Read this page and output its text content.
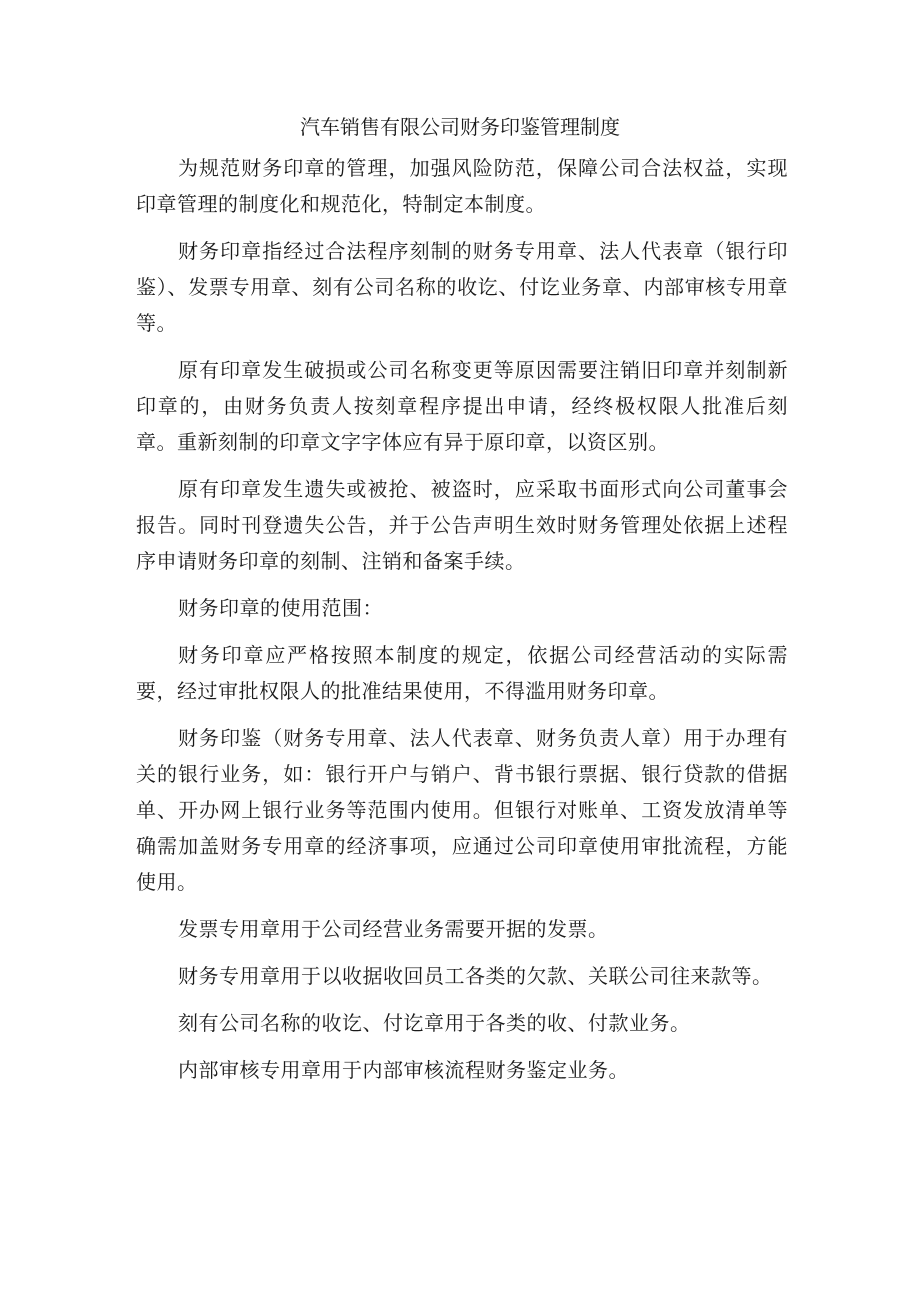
汽车销售有限公司财务印鉴管理制度

为规范财务印章的管理，加强风险防范，保障公司合法权益，实现印章管理的制度化和规范化，特制定本制度。

财务印章指经过合法程序刻制的财务专用章、法人代表章（银行印鉴）、发票专用章、刻有公司名称的收讫、付讫业务章、内部审核专用章等。

原有印章发生破损或公司名称变更等原因需要注销旧印章并刻制新印章的，由财务负责人按刻章程序提出申请，经终极权限人批准后刻章。重新刻制的印章文字字体应有异于原印章，以资区别。

原有印章发生遗失或被抢、被盗时，应采取书面形式向公司董事会报告。同时刊登遗失公告，并于公告声明生效时财务管理处依据上述程序申请财务印章的刻制、注销和备案手续。

财务印章的使用范围：

财务印章应严格按照本制度的规定，依据公司经营活动的实际需要，经过审批权限人的批准结果使用，不得滥用财务印章。

财务印鉴（财务专用章、法人代表章、财务负责人章）用于办理有关的银行业务，如：银行开户与销户、背书银行票据、银行贷款的借据单、开办网上银行业务等范围内使用。但银行对账单、工资发放清单等确需加盖财务专用章的经济事项，应通过公司印章使用审批流程，方能使用。

发票专用章用于公司经营业务需要开据的发票。

财务专用章用于以收据收回员工各类的欠款、关联公司往来款等。

刻有公司名称的收讫、付讫章用于各类的收、付款业务。

内部审核专用章用于内部审核流程财务鉴定业务。
